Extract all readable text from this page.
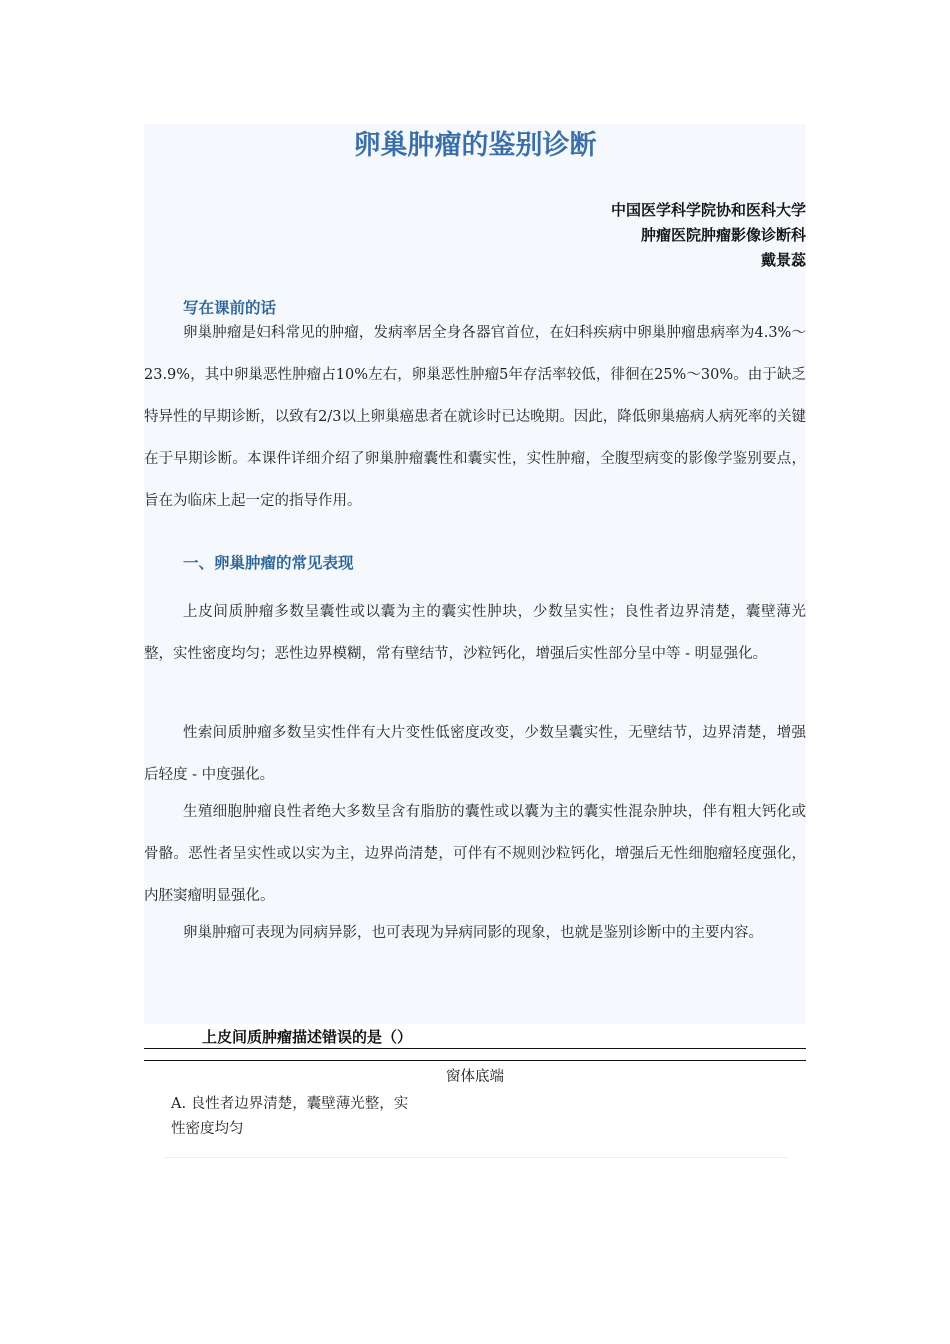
卵巢肿瘤的鉴别诊断
中国医学科学院协和医科大学
肿瘤医院肿瘤影像诊断科
戴景蕊
写在课前的话

卵巢肿瘤是妇科常见的肿瘤，发病率居全身各器官首位，在妇科疾病中卵巢肿瘤患病率为4.3%～23.9%，其中卵巢恶性肿瘤占10%左右，卵巢恶性肿瘤5年存活率较低，徘徊在25%～30%。由于缺乏特异性的早期诊断，以致有2/3以上卵巢癌患者在就诊时已达晚期。因此，降低卵巢癌病人病死率的关键在于早期诊断。本课件详细介绍了卵巢肿瘤囊性和囊实性，实性肿瘤，全腹型病变的影像学鉴别要点，旨在为临床上起一定的指导作用。

一、卵巢肿瘤的常见表现

上皮间质肿瘤多数呈囊性或以囊为主的囊实性肿块，少数呈实性；良性者边界清楚，囊壁薄光整，实性密度均匀；恶性边界模糊，常有壁结节，沙粒钙化，增强后实性部分呈中等 - 明显强化。

性索间质肿瘤多数呈实性伴有大片变性低密度改变，少数呈囊实性，无壁结节，边界清楚，增强后轻度 - 中度强化。

生殖细胞肿瘤良性者绝大多数呈含有脂肪的囊性或以囊为主的囊实性混杂肿块，伴有粗大钙化或骨骼。恶性者呈实性或以实为主，边界尚清楚，可伴有不规则沙粒钙化，增强后无性细胞瘤轻度强化，内胚窦瘤明显强化。

卵巢肿瘤可表现为同病异影，也可表现为异病同影的现象，也就是鉴别诊断中的主要内容。

上皮间质肿瘤描述错误的是（）
窗体底端
A. 良性者边界清楚，囊壁薄光整，实性密度均匀
